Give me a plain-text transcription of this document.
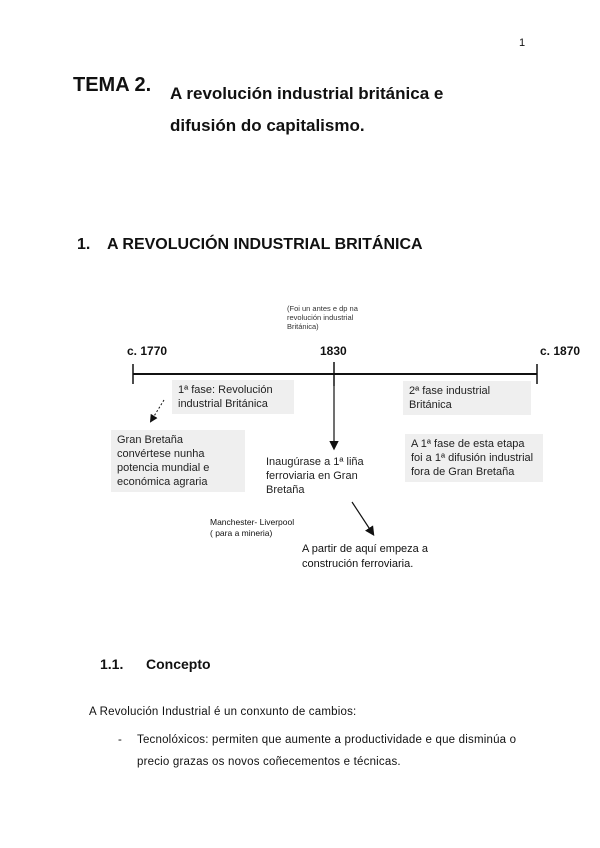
1
TEMA 2. A revolución industrial británica e
difusión do capitalismo.
1. A REVOLUCIÓN INDUSTRIAL BRITÁNICA
(Foi un antes e dp na revolución industrial Británica)
c. 1770	1830	c. 1870
1ª fase: Revolución industrial Británica
2ª fase industrial Británica
Gran Bretaña convértese nunha potencia mundial e económica agraria
A 1ª fase de esta etapa foi a 1ª difusión industrial fora de Gran Bretaña
Inaugúrase a 1ª liña ferroviaria en Gran Bretaña
Manchester- Liverpool
( para a mineria)
A partir de aquí empeza a construción ferroviaria.
1.1. Concepto
A Revolución Industrial é un conxunto de cambios:
-	Tecnolóxicos: permiten que aumente a productividade e que disminúa o precio grazas os novos coñecementos e técnicas.
